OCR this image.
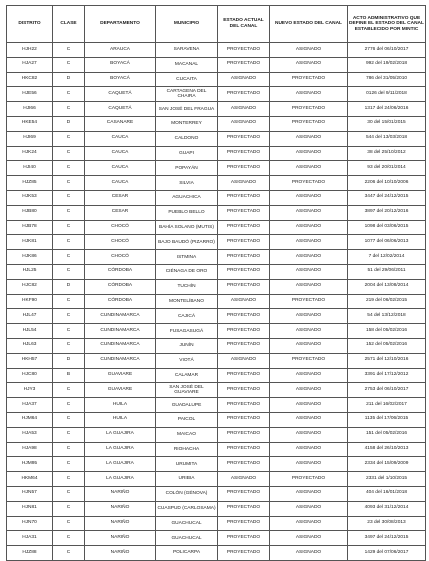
DISTRITO	CLASE	DEPARTAMENTO	MUNICIPIO	ESTADO ACTUAL DEL CANAL	NUEVO ESTADO DEL CANAL	ACTO ADMINISTRATIVO QUE DEFINE EL ESTADO DEL CANAL ESTABLECIDO POR MINTIC
HJH22	C	ARAUCA	SARAVENA	PROYECTADO	ASIGNADO	2776 del 06/10/2017
HJA27	C	BOYACÁ	MACANAL	PROYECTADO	ASIGNADO	992 del 19/02/2018
HKC82	D	BOYACÁ	CUCAITA	ASIGNADO	PROYECTADO	786 del 31/05/2010
HJE56	C	CAQUETÁ	CARTAGENA DEL CHAIRA	PROYECTADO	ASIGNADO	0126 del 9/11/2018
HJI66	C	CAQUETÁ	SAN JOSÉ DEL FRAGUA	ASIGNADO	PROYECTADO	1317 del 24/06/2016
HKE54	D	CASANARE	MONTERREY	ASIGNADO	PROYECTADO	30 del 15/01/2015
HJI69	C	CAUCA	CALDONO	PROYECTADO	ASIGNADO	544 del 13/03/2018
HJK24	C	CAUCA	GUAPI	PROYECTADO	ASIGNADO	38 del 25/10/2012
HJI40	C	CAUCA	POPAYÁN	PROYECTADO	ASIGNADO	93 del 20/01/2014
HJZ85	C	CAUCA	SILVIA	ASIGNADO	PROYECTADO	2206 del 10/10/2006
HJK53	C	CESAR	AGUACHICA	PROYECTADO	ASIGNADO	3447 del 24/12/2015
HJB80	C	CESAR	PUEBLO BELLO	PROYECTADO	ASIGNADO	3897 del 20/12/2016
HJB78	C	CHOCÓ	BAHÍA SOLANO (MUTIS)	PROYECTADO	ASIGNADO	1098 del 03/06/2015
HJK81	C	CHOCÓ	BAJO BAUDÓ (PIZARRO)	PROYECTADO	ASIGNADO	1077 del 06/06/2013
HJK86	C	CHOCÓ	ISTMINA	PROYECTADO	ASIGNADO	7 del 12/02/2014
HJL25	C	CÓRDOBA	CIÉNAGA DE ORO	PROYECTADO	ASIGNADO	51 del 29/06/2011
HJC82	D	CÓRDOBA	TUCHÍN	PROYECTADO	ASIGNADO	2004 del 13/08/2014
HKF90	C	CÓRDOBA	MONTELÍBANO	ASIGNADO	PROYECTADO	219 del 06/02/2015
HJL47	C	CUNDINAMARCA	CAJICÁ	PROYECTADO	ASIGNADO	54 del 13/12/2018
HJL54	C	CUNDINAMARCA	FUSAGASUGÁ	PROYECTADO	ASIGNADO	158 del 05/02/2016
HJL63	C	CUNDINAMARCA	JUNÍN	PROYECTADO	ASIGNADO	152 del 05/02/2016
HKH57	D	CUNDINAMARCA	VIOTÁ	ASIGNADO	PROYECTADO	2571 del 12/10/2016
HJC80	B	GUAVIARE	CALAMAR	PROYECTADO	ASIGNADO	3391 del 17/12/2012
HJY3	C	GUAVIARE	SAN JOSÉ DEL GUAVIARE	PROYECTADO	ASIGNADO	2753 del 06/10/2017
HJA37	C	HUILA	GUADALUPE	PROYECTADO	ASIGNADO	211 del 16/02/2017
HJM64	C	HUILA	PAICOL	PROYECTADO	ASIGNADO	1135 del 17/06/2015
HJA53	C	LA GUAJIRA	MAICAO	PROYECTADO	ASIGNADO	151 del 05/02/2016
HJA98	C	LA GUAJIRA	RIOHACHA	PROYECTADO	ASIGNADO	4158 del 26/10/2013
HJM95	C	LA GUAJIRA	URUMITA	PROYECTADO	ASIGNADO	2334 del 15/09/2009
HKM64	C	LA GUAJIRA	URIBIA	ASIGNADO	PROYECTADO	2331 del 1/10/2015
HJN57	C	NARIÑO	COLÓN (GÉNOVA)	PROYECTADO	ASIGNADO	404 del 16/01/2018
HJN81	C	NARIÑO	CUASPUD (CARLOSAMA)	PROYECTADO	ASIGNADO	4093 del 31/12/2014
HJN70	C	NARIÑO	GUACHUCAL	PROYECTADO	ASIGNADO	23 del 30/08/2013
HJA31	C	NARIÑO	GUACHUCAL	PROYECTADO	ASIGNADO	3497 del 24/12/2015
HJZ88	C	NARIÑO	POLICARPA	PROYECTADO	ASIGNADO	1429 del 07/06/2017
